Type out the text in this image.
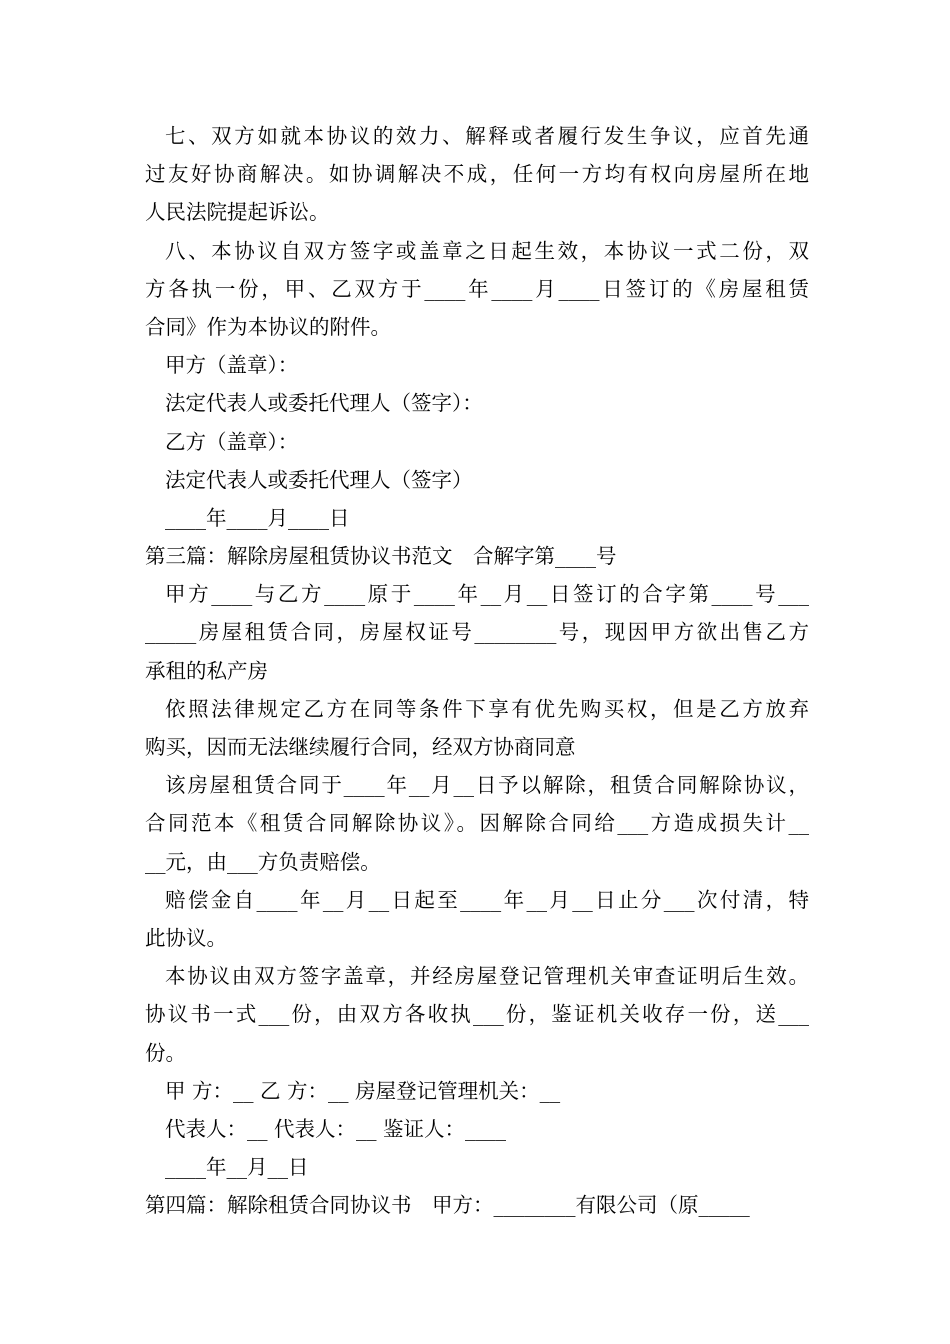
七、双方如就本协议的效力、解释或者履行发生争议，应首先通
过友好协商解决。如协调解决不成，任何一方均有权向房屋所在地
人民法院提起诉讼。
八、本协议自双方签字或盖章之日起生效，本协议一式二份，双
方各执一份，甲、乙双方于____年____月____日签订的《房屋租赁
合同》作为本协议的附件。
甲方（盖章）：
法定代表人或委托代理人（签字）：
乙方（盖章）：
法定代表人或委托代理人（签字）
____年____月____日
第三篇：解除房屋租赁协议书范文　合解字第____号
甲方____与乙方____原于____年__月__日签订的合字第____号___
_____房屋租赁合同，房屋权证号________号，现因甲方欲出售乙方
承租的私产房
依照法律规定乙方在同等条件下享有优先购买权，但是乙方放弃
购买，因而无法继续履行合同，经双方协商同意
该房屋租赁合同于____年__月__日予以解除，租赁合同解除协议，
合同范本《租赁合同解除协议》。因解除合同给___方造成损失计__
__元，由___方负责赔偿。
赔偿金自____年__月__日起至____年__月__日止分___次付清，特
此协议。
本协议由双方签字盖章，并经房屋登记管理机关审查证明后生效。
协议书一式___份，由双方各收执___份，鉴证机关收存一份，送___
份。
甲 方：__ 乙 方：__ 房屋登记管理机关：__
代表人：__ 代表人：__ 鉴证人：____
____年__月__日
第四篇：解除租赁合同协议书　甲方：________有限公司（原_____
